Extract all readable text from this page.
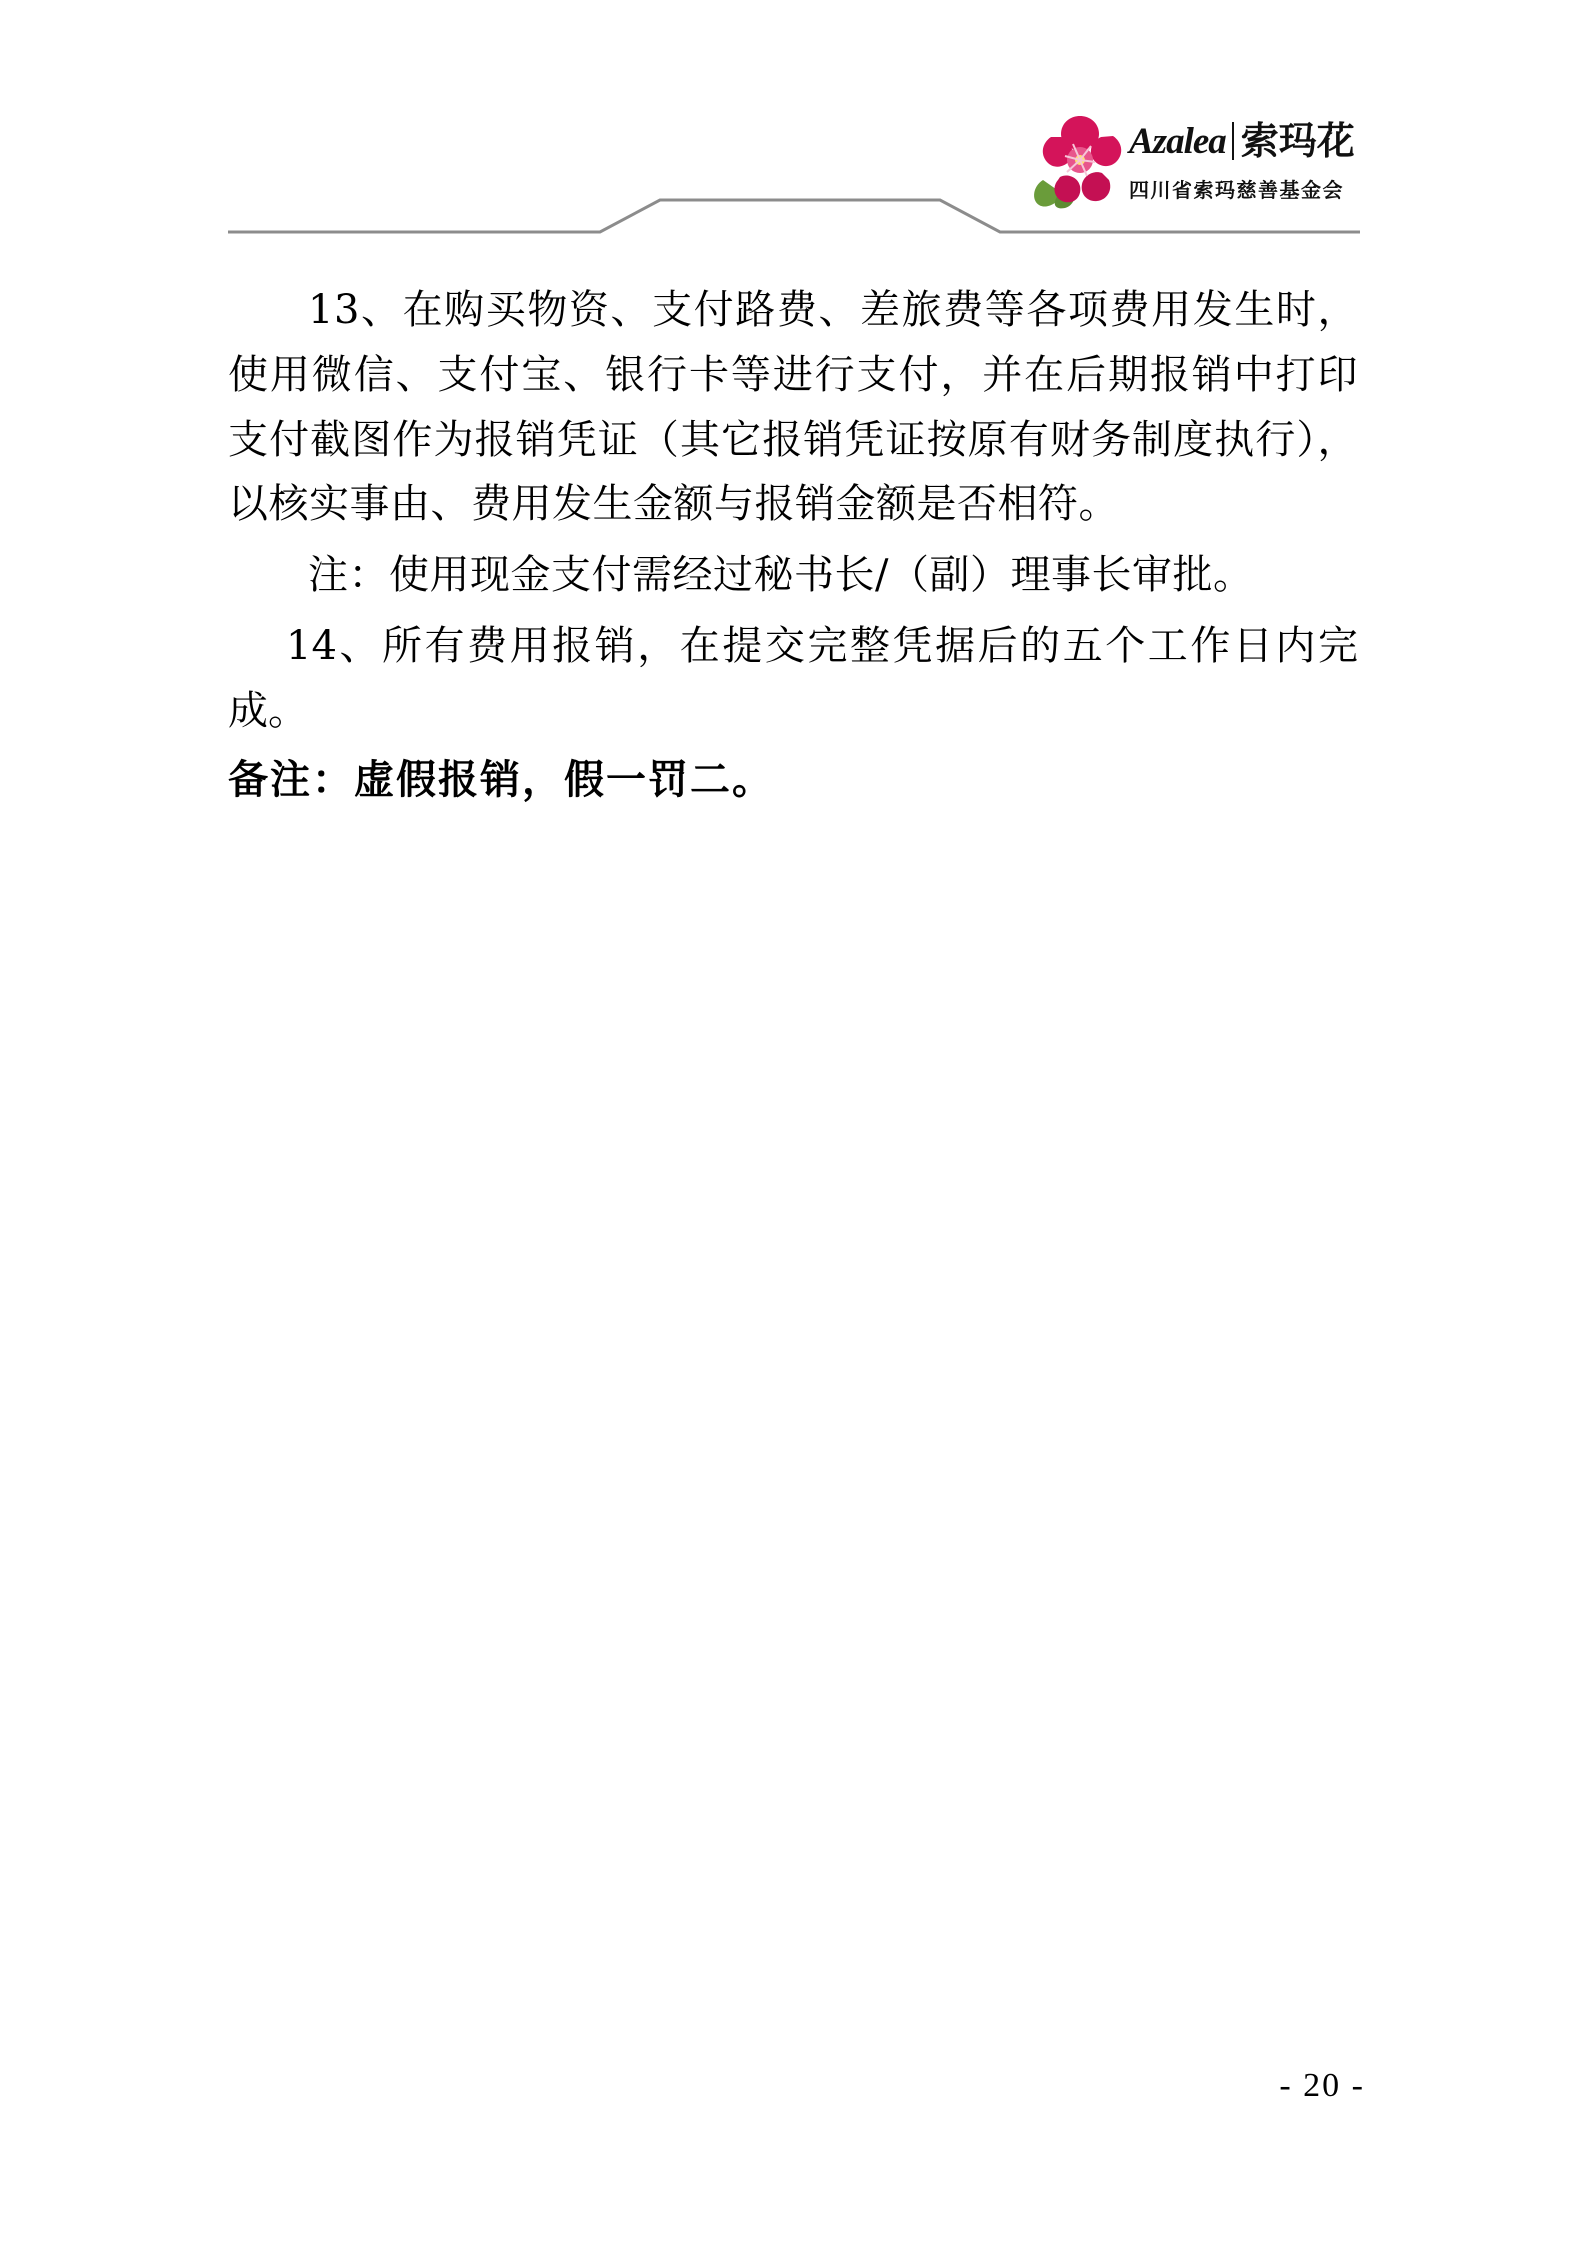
Azalea 索玛花
四川省索玛慈善基金会

13、在购买物资、支付路费、差旅费等各项费用发生时，使用微信、支付宝、银行卡等进行支付，并在后期报销中打印支付截图作为报销凭证（其它报销凭证按原有财务制度执行），以核实事由、费用发生金额与报销金额是否相符。

注：使用现金支付需经过秘书长/（副）理事长审批。

14、所有费用报销，在提交完整凭据后的五个工作日内完成。

备注：虚假报销，假一罚二。

- 20 -
